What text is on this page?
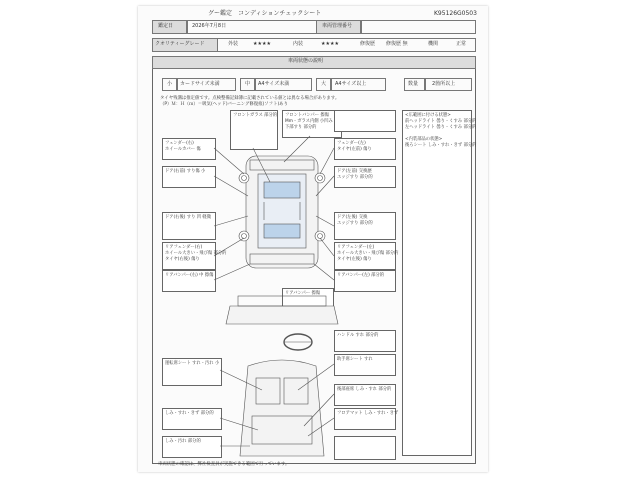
グー鑑定　コンディションチェックシート	K95126G0503
鑑定日	2026年7月8日	車両管理番号
クオリティーグレード	外装	★★★★	内装	★★★★	修復歴 修復歴 無	機関	正常
車両状態の説明
小 カードサイズ未満	中 A4サイズ未満	大 A4サイズ以上	数量	2箇所以上
タイヤ残溝は推定値です。点検整備記録簿に記載されている値とは異なる場合があります。
（P）Ｍ：Ｈ（ｍ）＝吸気(ヘッド)バーニング修復痕(ソフト)あり
<広範囲に付ける状態>
前ヘッドライト 曇り・くすみ 部分的
左ヘッドライト 曇り・くすみ 部分的
<内装部品の状態>
後ろシート しみ・すれ・きず 部分的
フロントガラス 部分的 フロントバンパー 擦傷
Mm・ガラス内側 小凹み
下部すり 部分的
フェンダー(右)
ホイールカバー 傷
フェンダー(左)
タイヤ(左前) 傷り
ドア(右前) すり傷 小	ドア(左前) 交換歴
エッジすり 部分的
ドア(右後) すり 凹 軽微	ドア(左後) 交換
エッジすり 部分的
リアフェンダー(右)
ホイール大きい・飛び傷 部分的
タイヤ(右後) 傷り
リアフェンダー(左)
ホイール大きい・飛び傷 部分的
タイヤ(左後) 傷り
リアバンパー(右) 中 擦傷	リアバンパー(左) 部分的
リアバンパー 擦傷
ハンドル すれ 部分的
運転席シート すれ・汚れ 小
助手席シート すれ
後部座席 しみ・すれ 部分的
しみ・すれ・きず 部分的	フロアマット しみ・すれ・きず
しみ・汚れ 部分的
車両状態の確認は、弊社検査員が実施できる範囲で行っています。
